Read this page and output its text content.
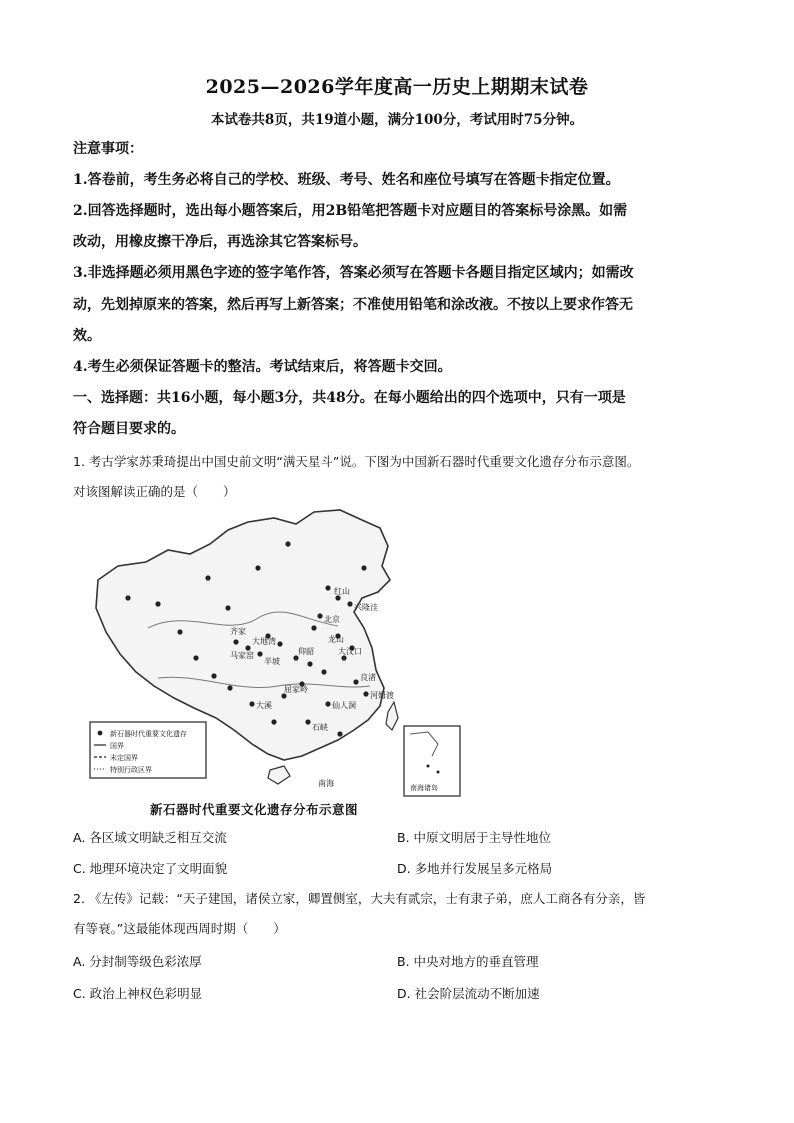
2025—2026学年度高一历史上期期末试卷
本试卷共8页，共19道小题，满分100分，考试用时75分钟。
注意事项：
1.答卷前，考生务必将自己的学校、班级、考号、姓名和座位号填写在答题卡指定位置。
2.回答选择题时，选出每小题答案后，用2B铅笔把答题卡对应题目的答案标号涂黑。如需
改动，用橡皮擦干净后，再选涂其它答案标号。
3.非选择题必须用黑色字迹的签字笔作答，答案必须写在答题卡各题目指定区域内；如需改
动，先划掉原来的答案，然后再写上新答案；不准使用铅笔和涂改液。不按以上要求作答无
效。
4.考生必须保证答题卡的整洁。考试结束后，将答题卡交回。
一、选择题：共16小题，每小题3分，共48分。在每小题给出的四个选项中，只有一项是
符合题目要求的。
1. 考古学家苏秉琦提出中国史前文明“满天星斗”说。下图为中国新石器时代重要文化遗存分布示意图。
对该图解读正确的是（　　）
红山
兴隆洼
北京
齐家
大地湾
马家窑
半坡
仰韶	大汶口
龙山
屈家岭
良渚
河姆渡
大溪	仙人洞
石峡
南海
新石器时代重要文化遗存
国界
未定国界
特别行政区界
南海诸岛
新石器时代重要文化遗存分布示意图
A. 各区域文明缺乏相互交流	B. 中原文明居于主导性地位
C. 地理环境决定了文明面貌	D. 多地并行发展呈多元格局
2. 《左传》记载：“天子建国，诸侯立家，卿置侧室，大夫有贰宗，士有隶子弟，庶人工商各有分亲，皆
有等衰。”这最能体现西周时期（　　）
A. 分封制等级色彩浓厚	B. 中央对地方的垂直管理
C. 政治上神权色彩明显	D. 社会阶层流动不断加速
